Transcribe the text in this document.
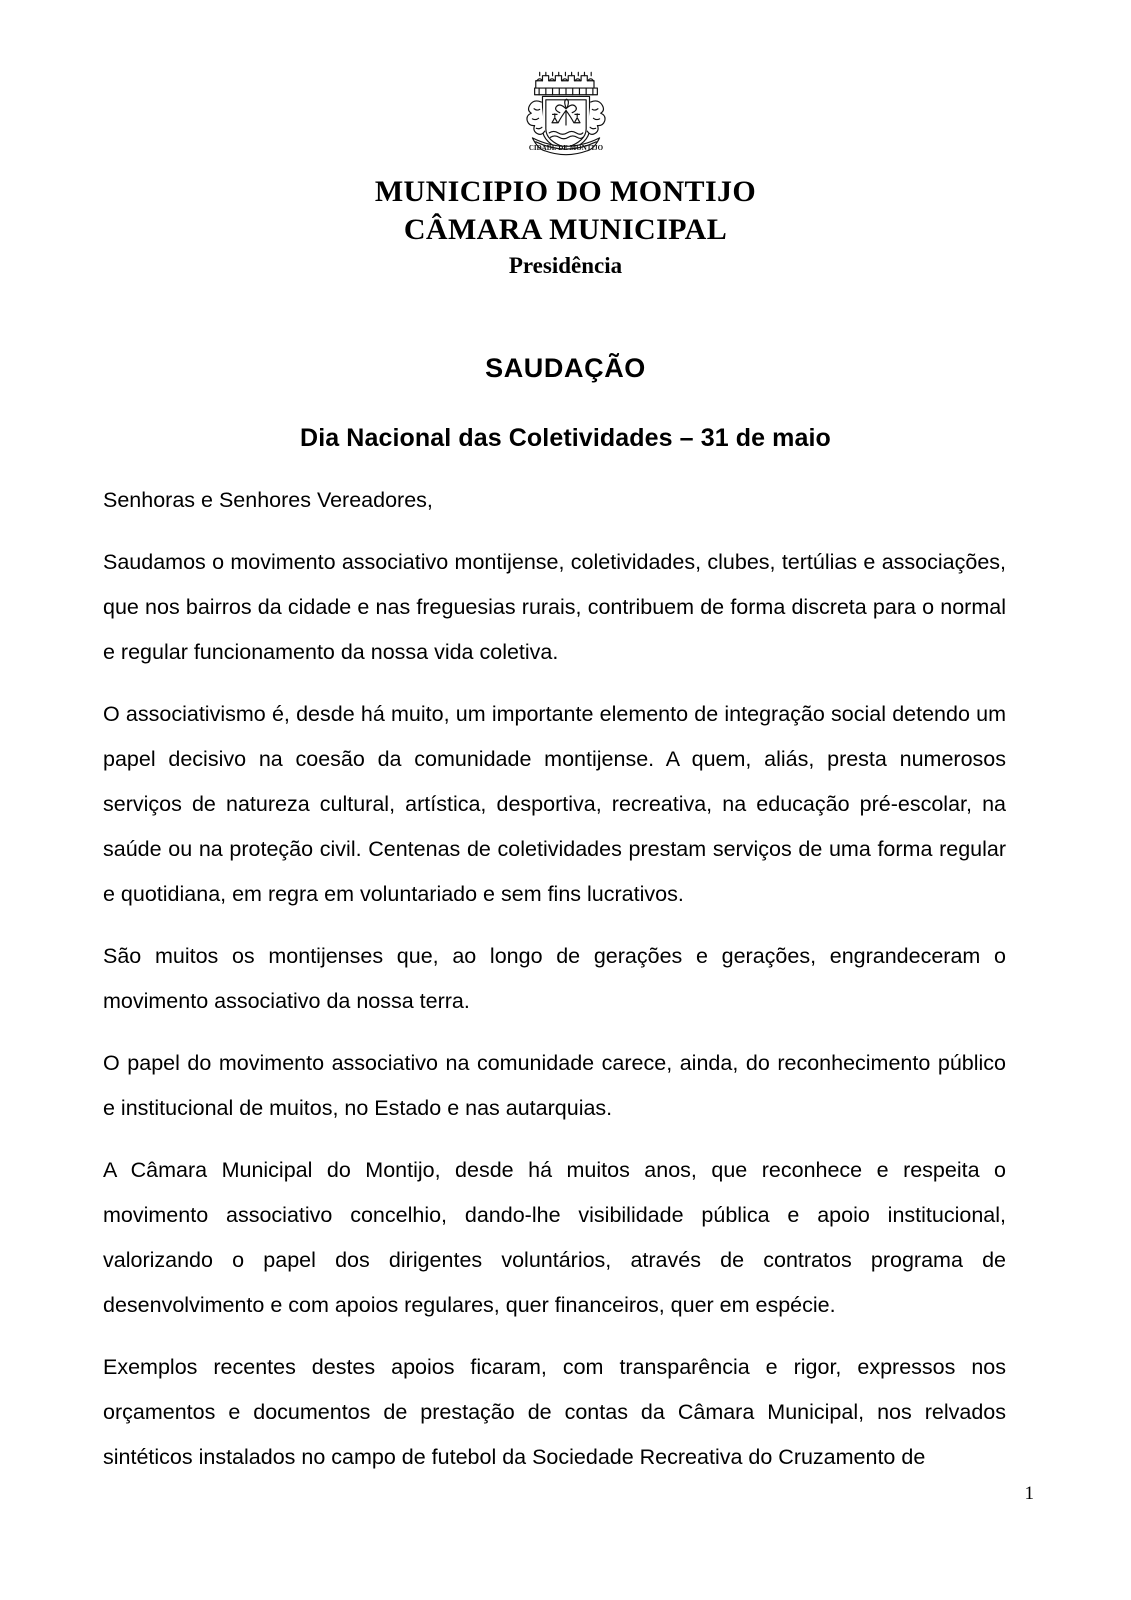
CIDADE DE MONTIJO
MUNICIPIO DO MONTIJO
CÂMARA MUNICIPAL
Presidência
SAUDAÇÃO
Dia Nacional das Coletividades – 31 de maio

Senhoras e Senhores Vereadores,

Saudamos o movimento associativo montijense, coletividades, clubes, tertúlias e associações, que nos bairros da cidade e nas freguesias rurais, contribuem de forma discreta para o normal e regular funcionamento da nossa vida coletiva.

O associativismo é, desde há muito, um importante elemento de integração social detendo um papel decisivo na coesão da comunidade montijense. A quem, aliás, presta numerosos serviços de natureza cultural, artística, desportiva, recreativa, na educação pré-escolar, na saúde ou na proteção civil. Centenas de coletividades prestam serviços de uma forma regular e quotidiana, em regra em voluntariado e sem fins lucrativos.

São muitos os montijenses que, ao longo de gerações e gerações, engrandeceram o movimento associativo da nossa terra.

O papel do movimento associativo na comunidade carece, ainda, do reconhecimento público e institucional de muitos, no Estado e nas autarquias.

A Câmara Municipal do Montijo, desde há muitos anos, que reconhece e respeita o movimento associativo concelhio, dando-lhe visibilidade pública e apoio institucional, valorizando o papel dos dirigentes voluntários, através de contratos programa de desenvolvimento e com apoios regulares, quer financeiros, quer em espécie.

Exemplos recentes destes apoios ficaram, com transparência e rigor, expressos nos orçamentos e documentos de prestação de contas da Câmara Municipal, nos relvados sintéticos instalados no campo de futebol da Sociedade Recreativa do Cruzamento de

1
